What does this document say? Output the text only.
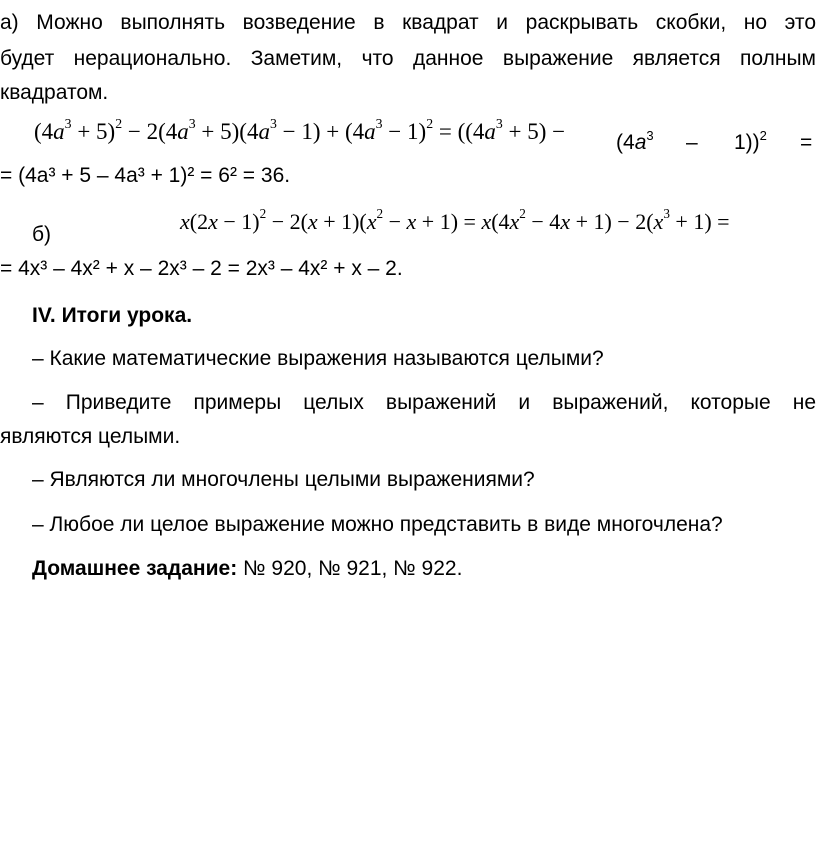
а) Можно выполнять возведение в квадрат и раскрывать скобки, но это
будет нерационально. Заметим, что данное выражение является полным
квадратом.
$(4a^3 + 5)^2 - 2(4a^3 + 5)(4a^3 - 1) + (4a^3 - 1)^2 = ((4a^3 + 5) - (4a^3 - 1))^2$ =
= (4a³ + 5 – 4a³ + 1)² = 6² = 36.
б)
$x(2x - 1)^2 - 2(x + 1)(x^2 - x + 1) = x(4x^2 - 4x + 1) - 2(x^3 + 1)$ =
= 4x³ – 4x² + x – 2x³ – 2 = 2x³ – 4x² + x – 2.
IV. Итоги урока.
– Какие математические выражения называются целыми?
– Приведите примеры целых выражений и выражений, которые не
являются целыми.
– Являются ли многочлены целыми выражениями?
– Любое ли целое выражение можно представить в виде многочлена?
Домашнее задание: № 920, № 921, № 922.
